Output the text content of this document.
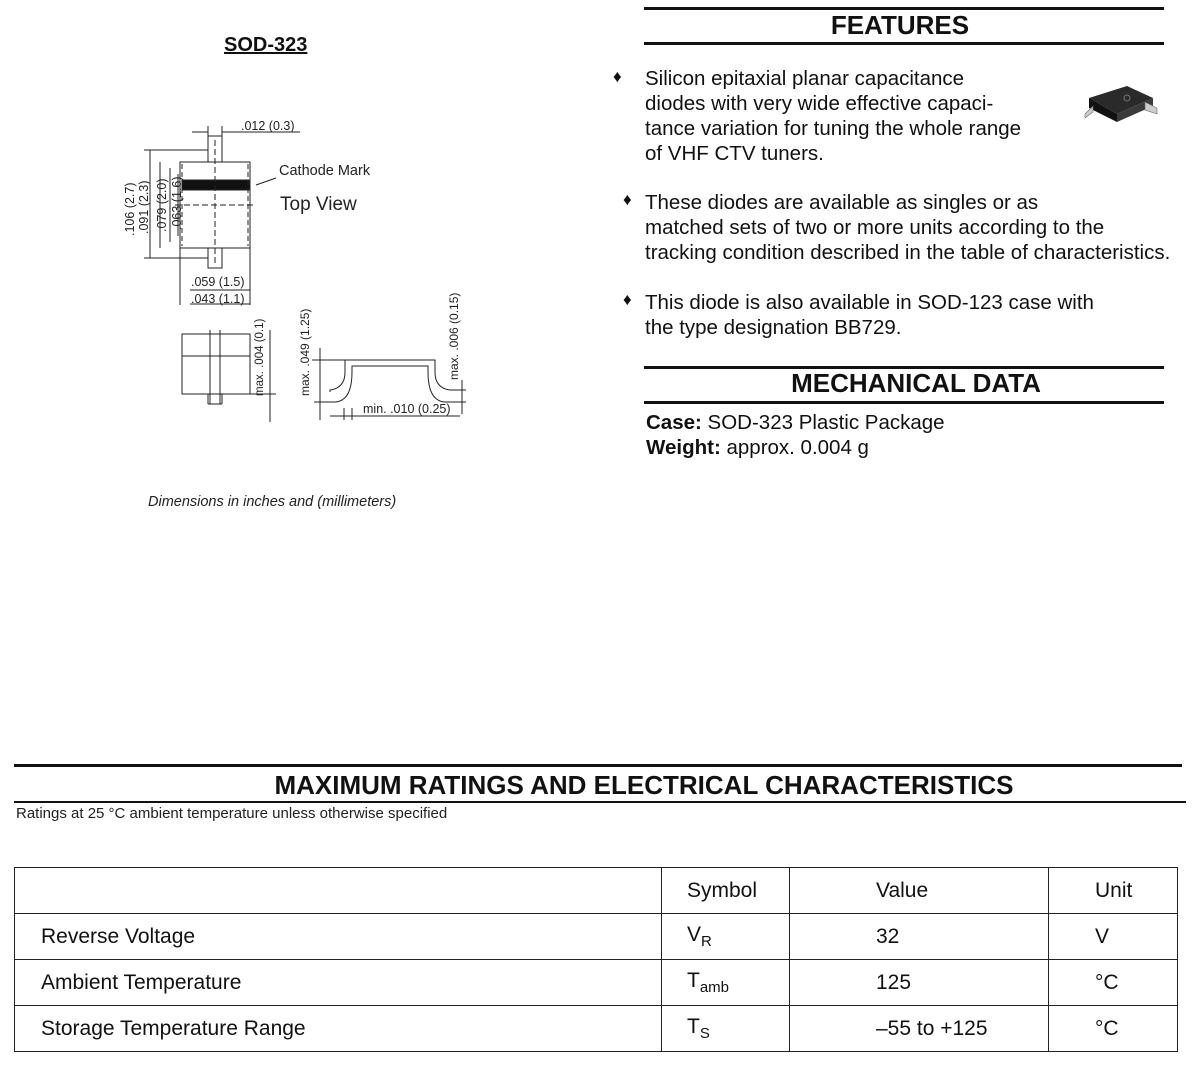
SOD-323
.012 (0.3)
Cathode Mark
Top View
.106 (2.7) .091 (2.3) .079 (2.0) .063 (1.6)
.059 (1.5)
.043 (1.1)
max. .004 (0.1)	max. .049 (1.25)	max. .006 (0.15)
min. .010 (0.25)
Dimensions in inches and (millimeters)
FEATURES
♦ Silicon epitaxial planar capacitance
diodes with very wide effective capaci-
tance variation for tuning the whole range
of VHF CTV tuners.
♦ These diodes are available as singles or as
matched sets of two or more units according to the
tracking condition described in the table of characteristics.
♦ This diode is also available in SOD-123 case with
the type designation BB729.
MECHANICAL DATA
Case: SOD-323 Plastic Package
Weight: approx. 0.004 g
MAXIMUM RATINGS AND ELECTRICAL CHARACTERISTICS
Ratings at 25 °C ambient temperature unless otherwise specified
	Symbol	Value	Unit
Reverse Voltage	$V_R$	32	V
Ambient Temperature	$T_{amb}$	125	°C
Storage Temperature Range	$T_S$	–55 to +125	°C
